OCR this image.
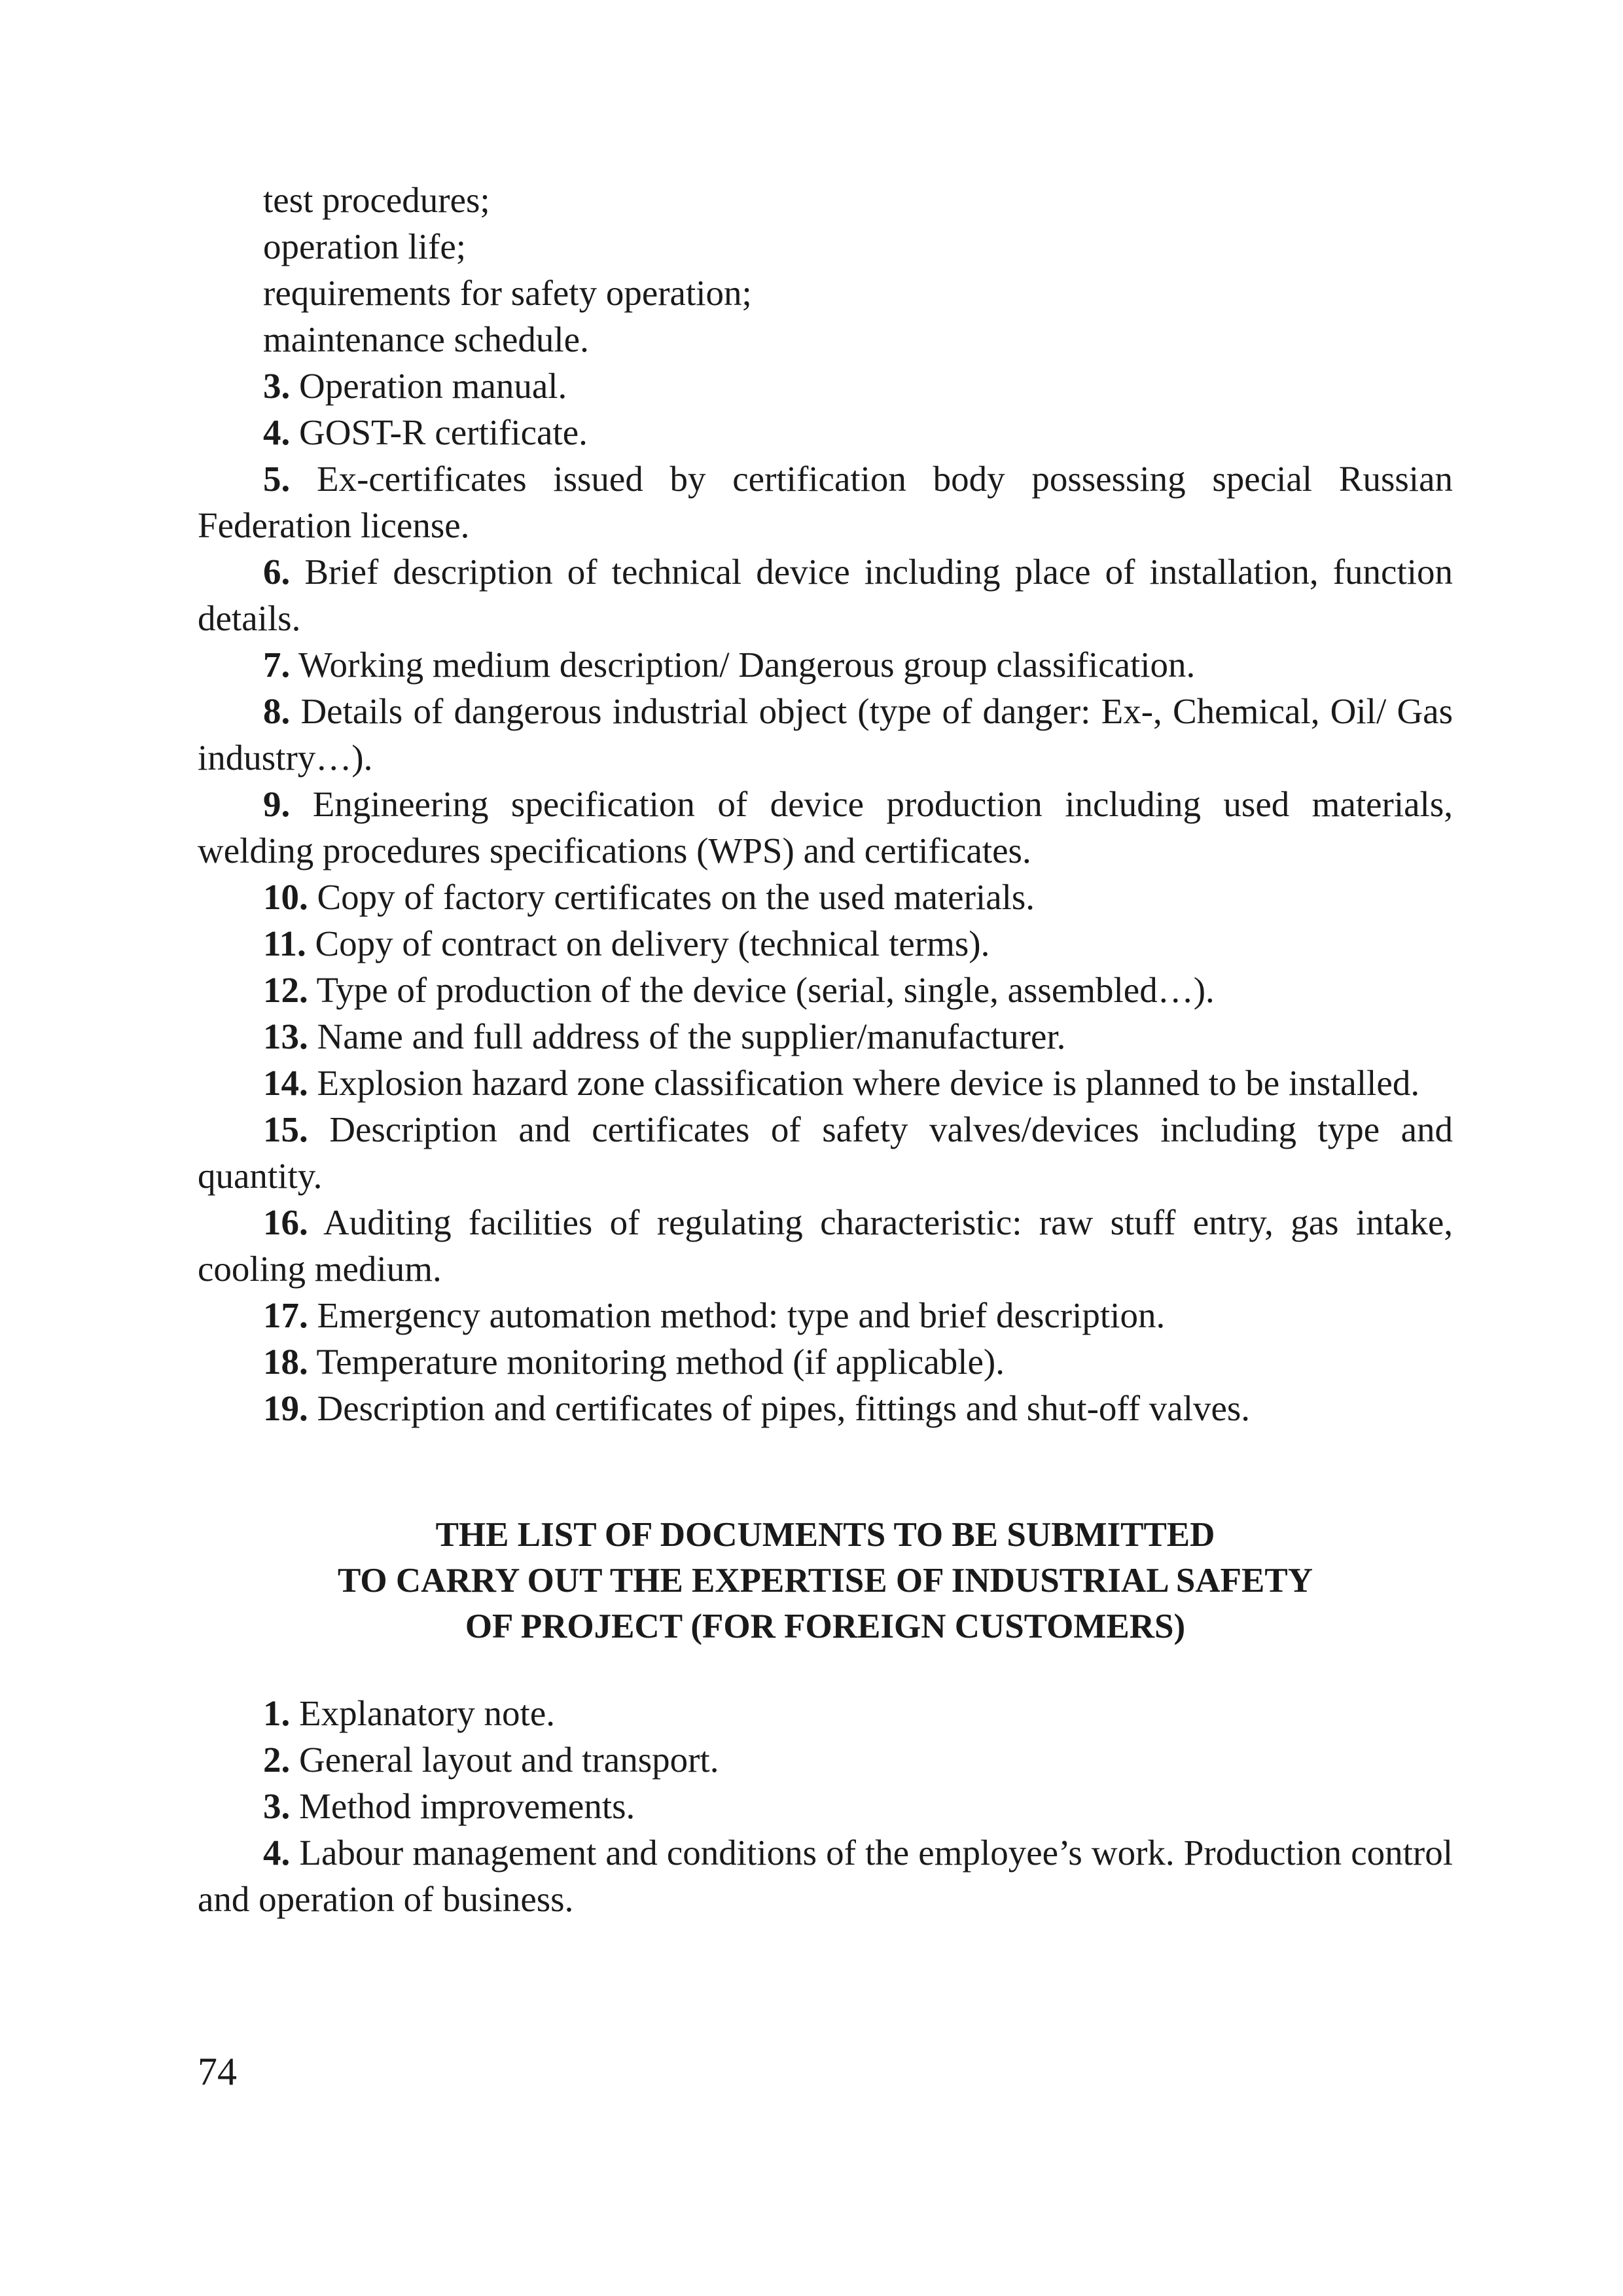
test procedures;
operation life;
requirements for safety operation;
maintenance schedule.
3. Operation manual.
4. GOST-R certificate.
5. Ex-certificates issued by certification body possessing special Russian Federation license.
6. Brief description of technical device including place of installation, function details.
7. Working medium description/ Dangerous group classification.
8. Details of dangerous industrial object (type of danger: Ex-, Chemical, Oil/ Gas industry…).
9. Engineering specification of device production including used materials, welding procedures specifications (WPS) and certificates.
10. Copy of factory certificates on the used materials.
11. Copy of contract on delivery (technical terms).
12. Type of production of the device (serial, single, assembled…).
13. Name and full address of the supplier/manufacturer.
14. Explosion hazard zone classification where device is planned to be installed.
15. Description and certificates of safety valves/devices including type and quantity.
16. Auditing facilities of regulating characteristic: raw stuff entry, gas intake, cooling medium.
17. Emergency automation method: type and brief description.
18. Temperature monitoring method (if applicable).
19. Description and certificates of pipes, fittings and shut-off valves.
THE LIST OF DOCUMENTS TO BE SUBMITTED
TO CARRY OUT THE EXPERTISE OF INDUSTRIAL SAFETY
OF PROJECT (FOR FOREIGN CUSTOMERS)
1. Explanatory note.
2. General layout and transport.
3. Method improvements.
4. Labour management and conditions of the employee’s work. Production control and operation of business.
74
